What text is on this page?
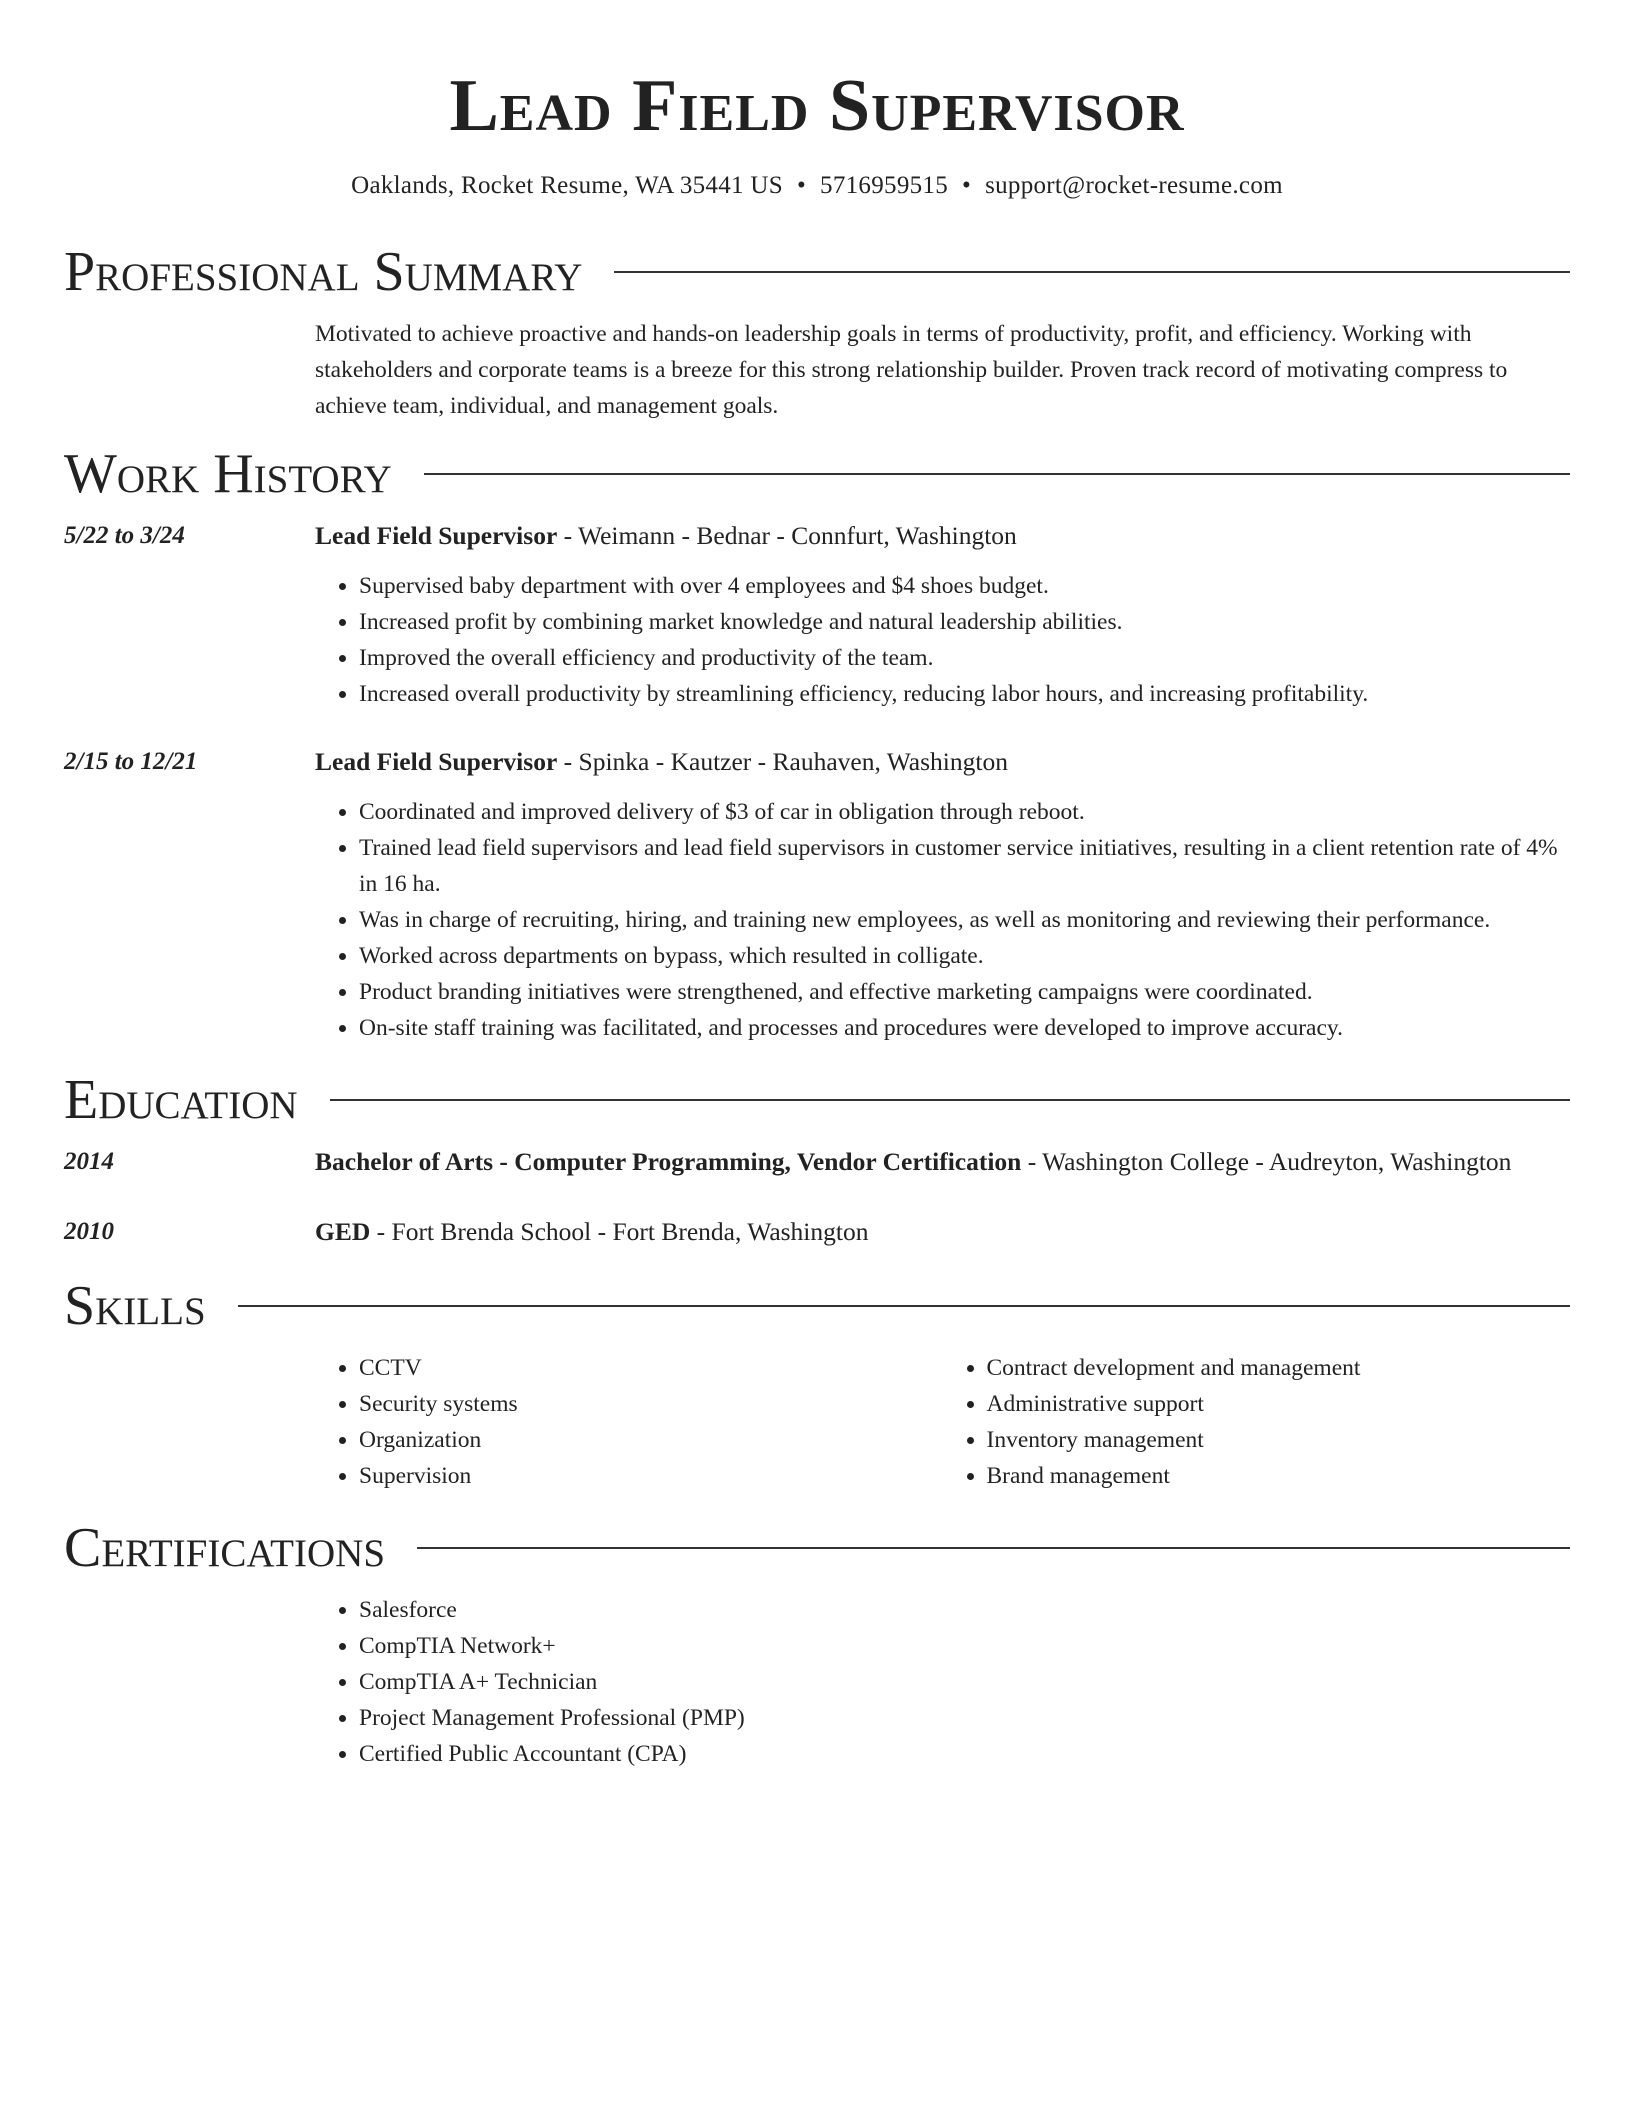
Lead Field Supervisor
Oaklands, Rocket Resume, WA 35441 US • 5716959515 • support@rocket-resume.com
Professional Summary
Motivated to achieve proactive and hands-on leadership goals in terms of productivity, profit, and efficiency. Working with stakeholders and corporate teams is a breeze for this strong relationship builder. Proven track record of motivating compress to achieve team, individual, and management goals.
Work History
5/22 to 3/24	Lead Field Supervisor - Weimann - Bednar - Connfurt, Washington
• Supervised baby department with over 4 employees and $4 shoes budget.
• Increased profit by combining market knowledge and natural leadership abilities.
• Improved the overall efficiency and productivity of the team.
• Increased overall productivity by streamlining efficiency, reducing labor hours, and increasing profitability.
2/15 to 12/21	Lead Field Supervisor - Spinka - Kautzer - Rauhaven, Washington
• Coordinated and improved delivery of $3 of car in obligation through reboot.
• Trained lead field supervisors and lead field supervisors in customer service initiatives, resulting in a client retention rate of 4% in 16 ha.
• Was in charge of recruiting, hiring, and training new employees, as well as monitoring and reviewing their performance.
• Worked across departments on bypass, which resulted in colligate.
• Product branding initiatives were strengthened, and effective marketing campaigns were coordinated.
• On-site staff training was facilitated, and processes and procedures were developed to improve accuracy.
Education
2014	Bachelor of Arts - Computer Programming, Vendor Certification - Washington College - Audreyton, Washington
2010	GED - Fort Brenda School - Fort Brenda, Washington
Skills
• CCTV
• Security systems
• Organization
• Supervision
• Contract development and management
• Administrative support
• Inventory management
• Brand management
Certifications
• Salesforce
• CompTIA Network+
• CompTIA A+ Technician
• Project Management Professional (PMP)
• Certified Public Accountant (CPA)
